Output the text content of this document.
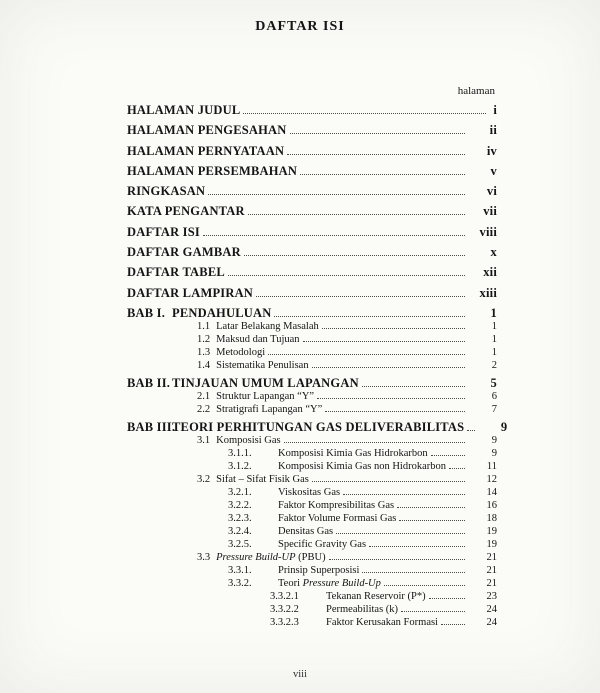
DAFTAR ISI
halaman
HALAMAN JUDUL	i
HALAMAN PENGESAHAN	ii
HALAMAN PERNYATAAN	iv
HALAMAN PERSEMBAHAN	v
RINGKASAN	vi
KATA PENGANTAR	vii
DAFTAR ISI	viii
DAFTAR GAMBAR	x
DAFTAR TABEL	xii
DAFTAR LAMPIRAN	xiii
BAB I. PENDAHULUAN	1
1.1 Latar Belakang Masalah	1
1.2 Maksud dan Tujuan	1
1.3 Metodologi	1
1.4 Sistematika Penulisan	2
BAB II. TINJAUAN UMUM LAPANGAN	5
2.1 Struktur Lapangan “Y”	6
2.2 Stratigrafi Lapangan “Y”	7
BAB III.
TEORI PERHITUNGAN GAS DELIVERABILITAS	9
3.1 Komposisi Gas	9
3.1.1.	Komposisi Kimia Gas Hidrokarbon	9
3.1.2.	Komposisi Kimia Gas non Hidrokarbon	11
3.2 Sifat – Sifat Fisik Gas	12
3.2.1.	Viskositas Gas	14
3.2.2.	Faktor Kompresibilitas Gas	16
3.2.3.	Faktor Volume Formasi Gas	18
3.2.4.	Densitas Gas	19
3.2.5.	Specific Gravity Gas	19
3.3 Pressure Build-UP (PBU)	21
3.3.1.	Prinsip Superposisi	21
3.3.2.	Teori Pressure Build-Up	21
3.3.2.1	Tekanan Reservoir (P*)	23
3.3.2.2	Permeabilitas (k)	24
3.3.2.3	Faktor Kerusakan Formasi	24
viii
